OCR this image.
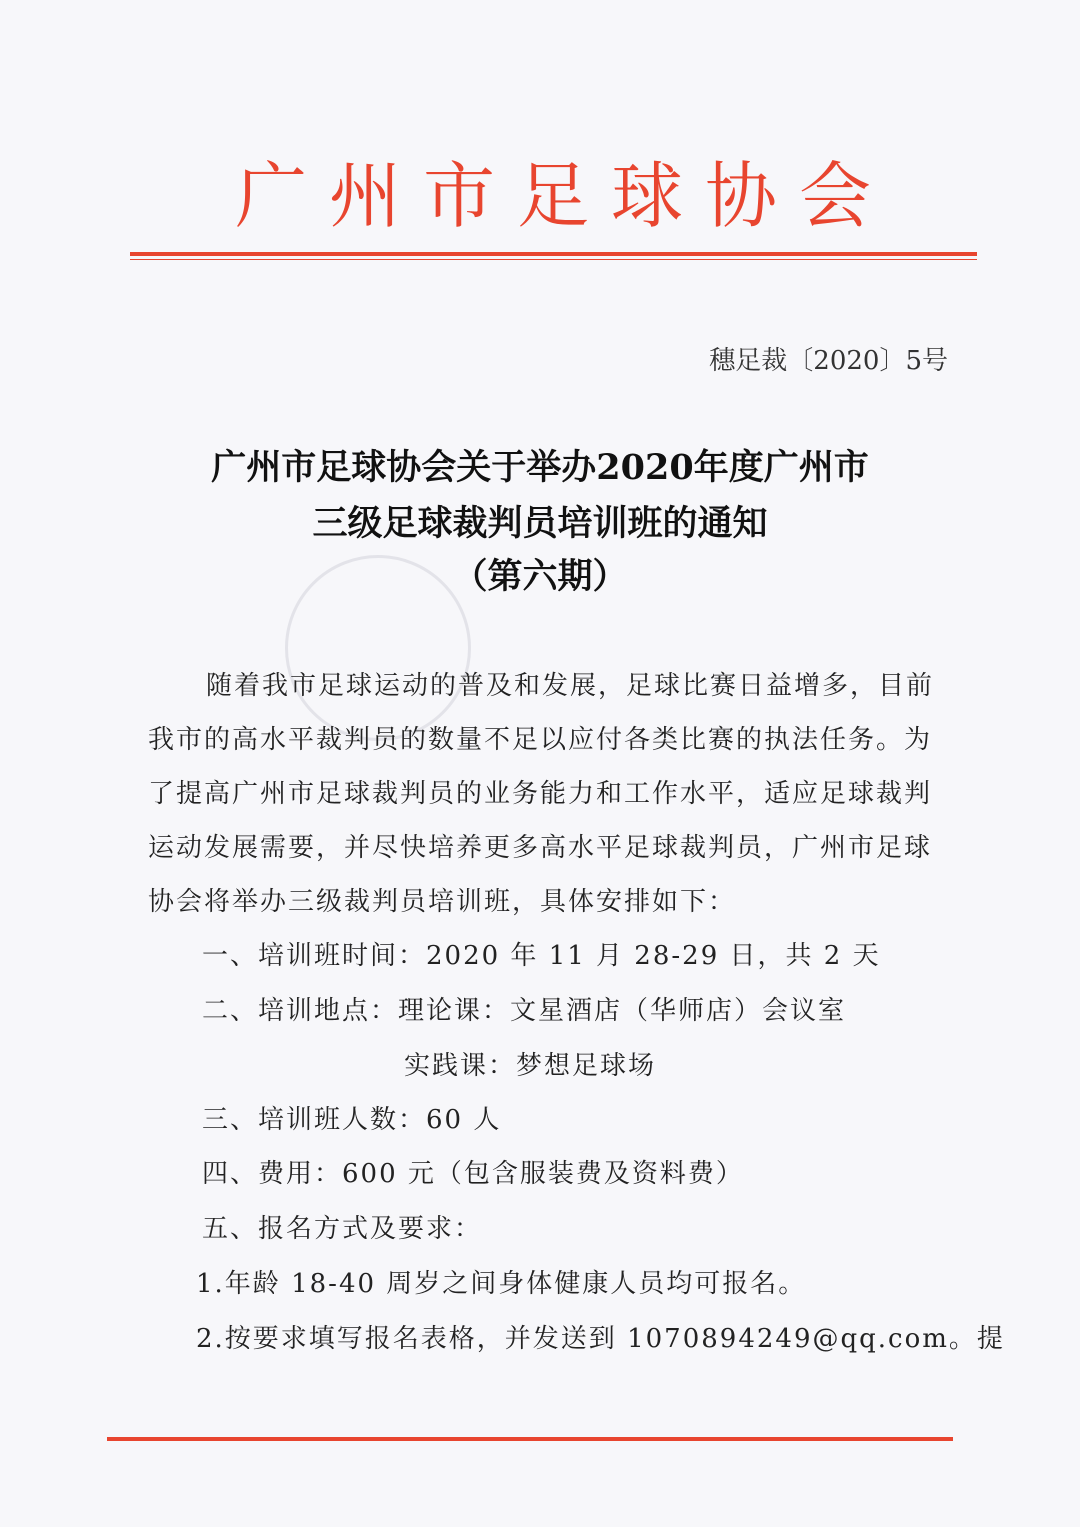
广州市足球协会
穗足裁〔2020〕5号
广州市足球协会关于举办2020年度广州市
三级足球裁判员培训班的通知
（第六期）
随着我市足球运动的普及和发展，足球比赛日益增多，目前
我市的高水平裁判员的数量不足以应付各类比赛的执法任务。为
了提高广州市足球裁判员的业务能力和工作水平，适应足球裁判
运动发展需要，并尽快培养更多高水平足球裁判员，广州市足球
协会将举办三级裁判员培训班，具体安排如下：
一、培训班时间：2020 年 11 月 28-29 日，共 2 天
二、培训地点：理论课：文星酒店（华师店）会议室
实践课：梦想足球场
三、培训班人数：60 人
四、费用：600 元（包含服装费及资料费）
五、报名方式及要求：
1.年龄 18-40 周岁之间身体健康人员均可报名。
2.按要求填写报名表格，并发送到 1070894249@qq.com。提
